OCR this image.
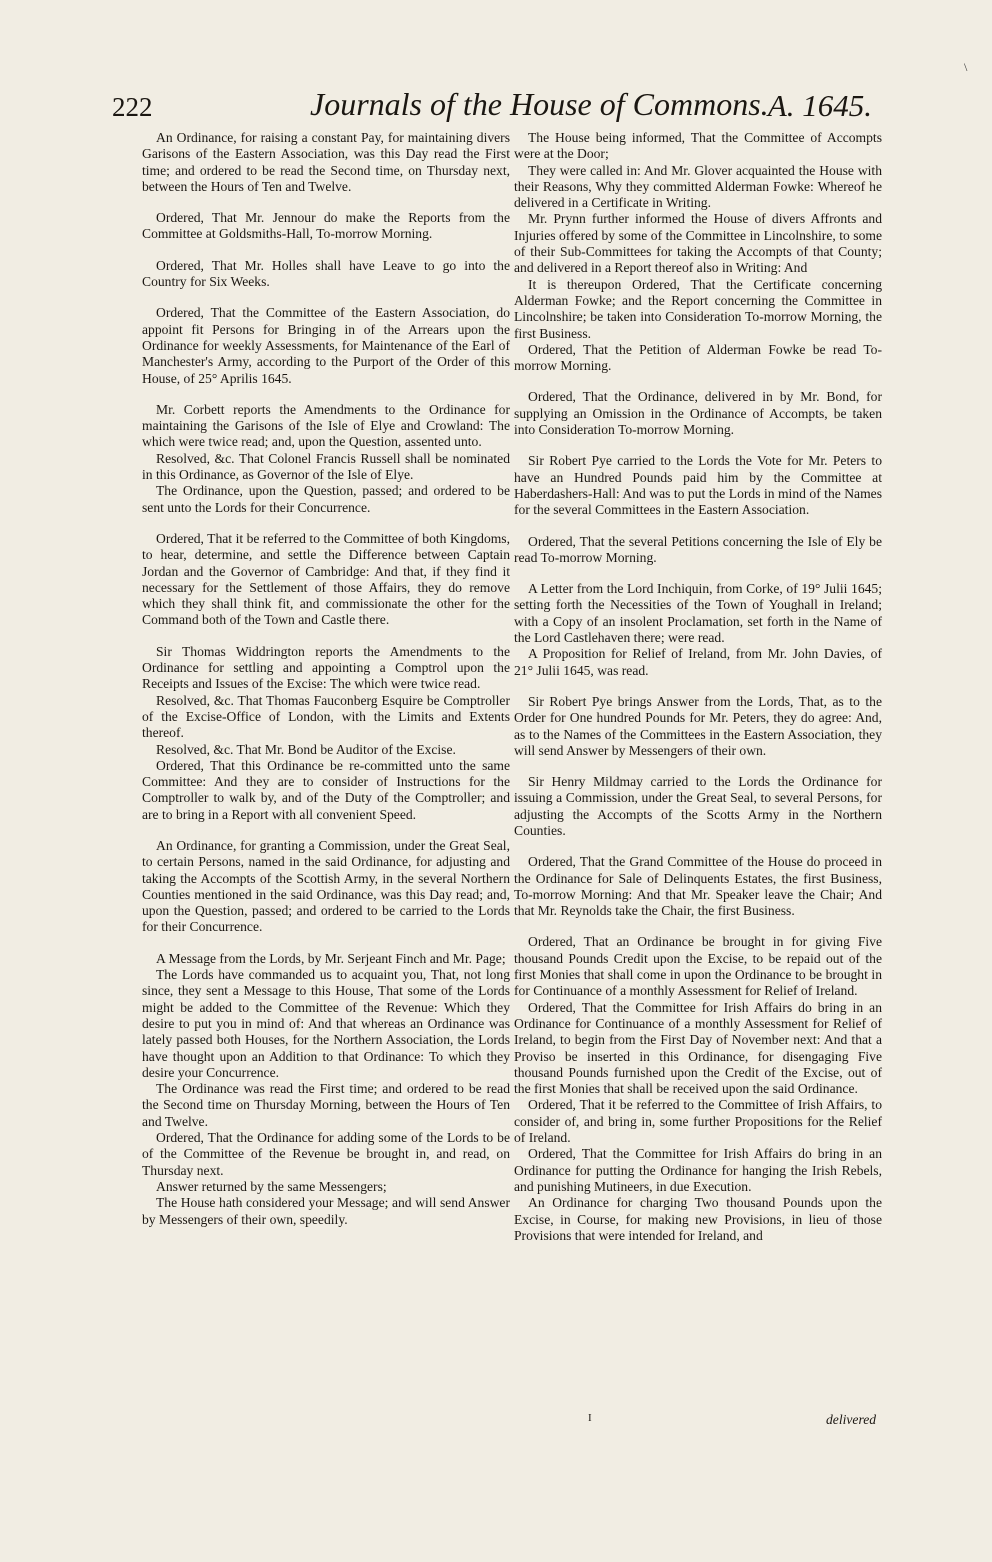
\
222	Journals of the House of Commons. A. 1645.

An Ordinance, for raising a constant Pay, for maintaining divers Garisons of the Eastern Association, was this Day read the First time; and ordered to be read the Second time, on Thursday next, between the Hours of Ten and Twelve.

Ordered, That Mr. Jennour do make the Reports from the Committee at Goldsmiths-Hall, To-morrow Morning.

Ordered, That Mr. Holles shall have Leave to go into the Country for Six Weeks.

Ordered, That the Committee of the Eastern Association, do appoint fit Persons for Bringing in of the Arrears upon the Ordinance for weekly Assessments, for Maintenance of the Earl of Manchester's Army, according to the Purport of the Order of this House, of 25° Aprilis 1645.

Mr. Corbett reports the Amendments to the Ordinance for maintaining the Garisons of the Isle of Elye and Crowland: The which were twice read; and, upon the Question, assented unto.

Resolved, &c. That Colonel Francis Russell shall be nominated in this Ordinance, as Governor of the Isle of Elye.

The Ordinance, upon the Question, passed; and ordered to be sent unto the Lords for their Concurrence.

Ordered, That it be referred to the Committee of both Kingdoms, to hear, determine, and settle the Difference between Captain Jordan and the Governor of Cambridge: And that, if they find it necessary for the Settlement of those Affairs, they do remove which they shall think fit, and commissionate the other for the Command both of the Town and Castle there.

Sir Thomas Widdrington reports the Amendments to the Ordinance for settling and appointing a Comptrol upon the Receipts and Issues of the Excise: The which were twice read.

Resolved, &c. That Thomas Fauconberg Esquire be Comptroller of the Excise-Office of London, with the Limits and Extents thereof.

Resolved, &c. That Mr. Bond be Auditor of the Excise.

Ordered, That this Ordinance be re-committed unto the same Committee: And they are to consider of Instructions for the Comptroller to walk by, and of the Duty of the Comptroller; and are to bring in a Report with all convenient Speed.

An Ordinance, for granting a Commission, under the Great Seal, to certain Persons, named in the said Ordinance, for adjusting and taking the Accompts of the Scottish Army, in the several Northern Counties mentioned in the said Ordinance, was this Day read; and, upon the Question, passed; and ordered to be carried to the Lords for their Concurrence.

A Message from the Lords, by Mr. Serjeant Finch and Mr. Page;

The Lords have commanded us to acquaint you, That, not long since, they sent a Message to this House, That some of the Lords might be added to the Committee of the Revenue: Which they desire to put you in mind of: And that whereas an Ordinance was lately passed both Houses, for the Northern Association, the Lords have thought upon an Addition to that Ordinance: To which they desire your Concurrence.

The Ordinance was read the First time; and ordered to be read the Second time on Thursday Morning, between the Hours of Ten and Twelve.

Ordered, That the Ordinance for adding some of the Lords to be of the Committee of the Revenue be brought in, and read, on Thursday next.

Answer returned by the same Messengers;

The House hath considered your Message; and will send Answer by Messengers of their own, speedily.

The House being informed, That the Committee of Accompts were at the Door;

They were called in: And Mr. Glover acquainted the House with their Reasons, Why they committed Alderman Fowke: Whereof he delivered in a Certificate in Writing.

Mr. Prynn further informed the House of divers Affronts and Injuries offered by some of the Committee in Lincolnshire, to some of their Sub-Committees for taking the Accompts of that County; and delivered in a Report thereof also in Writing: And

It is thereupon Ordered, That the Certificate concerning Alderman Fowke; and the Report concerning the Committee in Lincolnshire; be taken into Consideration To-morrow Morning, the first Business.

Ordered, That the Petition of Alderman Fowke be read To-morrow Morning.

Ordered, That the Ordinance, delivered in by Mr. Bond, for supplying an Omission in the Ordinance of Accompts, be taken into Consideration To-morrow Morning.

Sir Robert Pye carried to the Lords the Vote for Mr. Peters to have an Hundred Pounds paid him by the Committee at Haberdashers-Hall: And was to put the Lords in mind of the Names for the several Committees in the Eastern Association.

Ordered, That the several Petitions concerning the Isle of Ely be read To-morrow Morning.

A Letter from the Lord Inchiquin, from Corke, of 19° Julii 1645; setting forth the Necessities of the Town of Youghall in Ireland; with a Copy of an insolent Proclamation, set forth in the Name of the Lord Castlehaven there; were read.

A Proposition for Relief of Ireland, from Mr. John Davies, of 21° Julii 1645, was read.

Sir Robert Pye brings Answer from the Lords, That, as to the Order for One hundred Pounds for Mr. Peters, they do agree: And, as to the Names of the Committees in the Eastern Association, they will send Answer by Messengers of their own.

Sir Henry Mildmay carried to the Lords the Ordinance for issuing a Commission, under the Great Seal, to several Persons, for adjusting the Accompts of the Scotts Army in the Northern Counties.

Ordered, That the Grand Committee of the House do proceed in the Ordinance for Sale of Delinquents Estates, the first Business, To-morrow Morning: And that Mr. Speaker leave the Chair; And that Mr. Reynolds take the Chair, the first Business.

Ordered, That an Ordinance be brought in for giving Five thousand Pounds Credit upon the Excise, to be repaid out of the first Monies that shall come in upon the Ordinance to be brought in for Continuance of a monthly Assessment for Relief of Ireland.

Ordered, That the Committee for Irish Affairs do bring in an Ordinance for Continuance of a monthly Assessment for Relief of Ireland, to begin from the First Day of November next: And that a Proviso be inserted in this Ordinance, for disengaging Five thousand Pounds furnished upon the Credit of the Excise, out of the first Monies that shall be received upon the said Ordinance.

Ordered, That it be referred to the Committee of Irish Affairs, to consider of, and bring in, some further Propositions for the Relief of Ireland.

Ordered, That the Committee for Irish Affairs do bring in an Ordinance for putting the Ordinance for hanging the Irish Rebels, and punishing Mutineers, in due Execution.

An Ordinance for charging Two thousand Pounds upon the Excise, in Course, for making new Provisions, in lieu of those Provisions that were intended for Ireland, and

I	delivered
